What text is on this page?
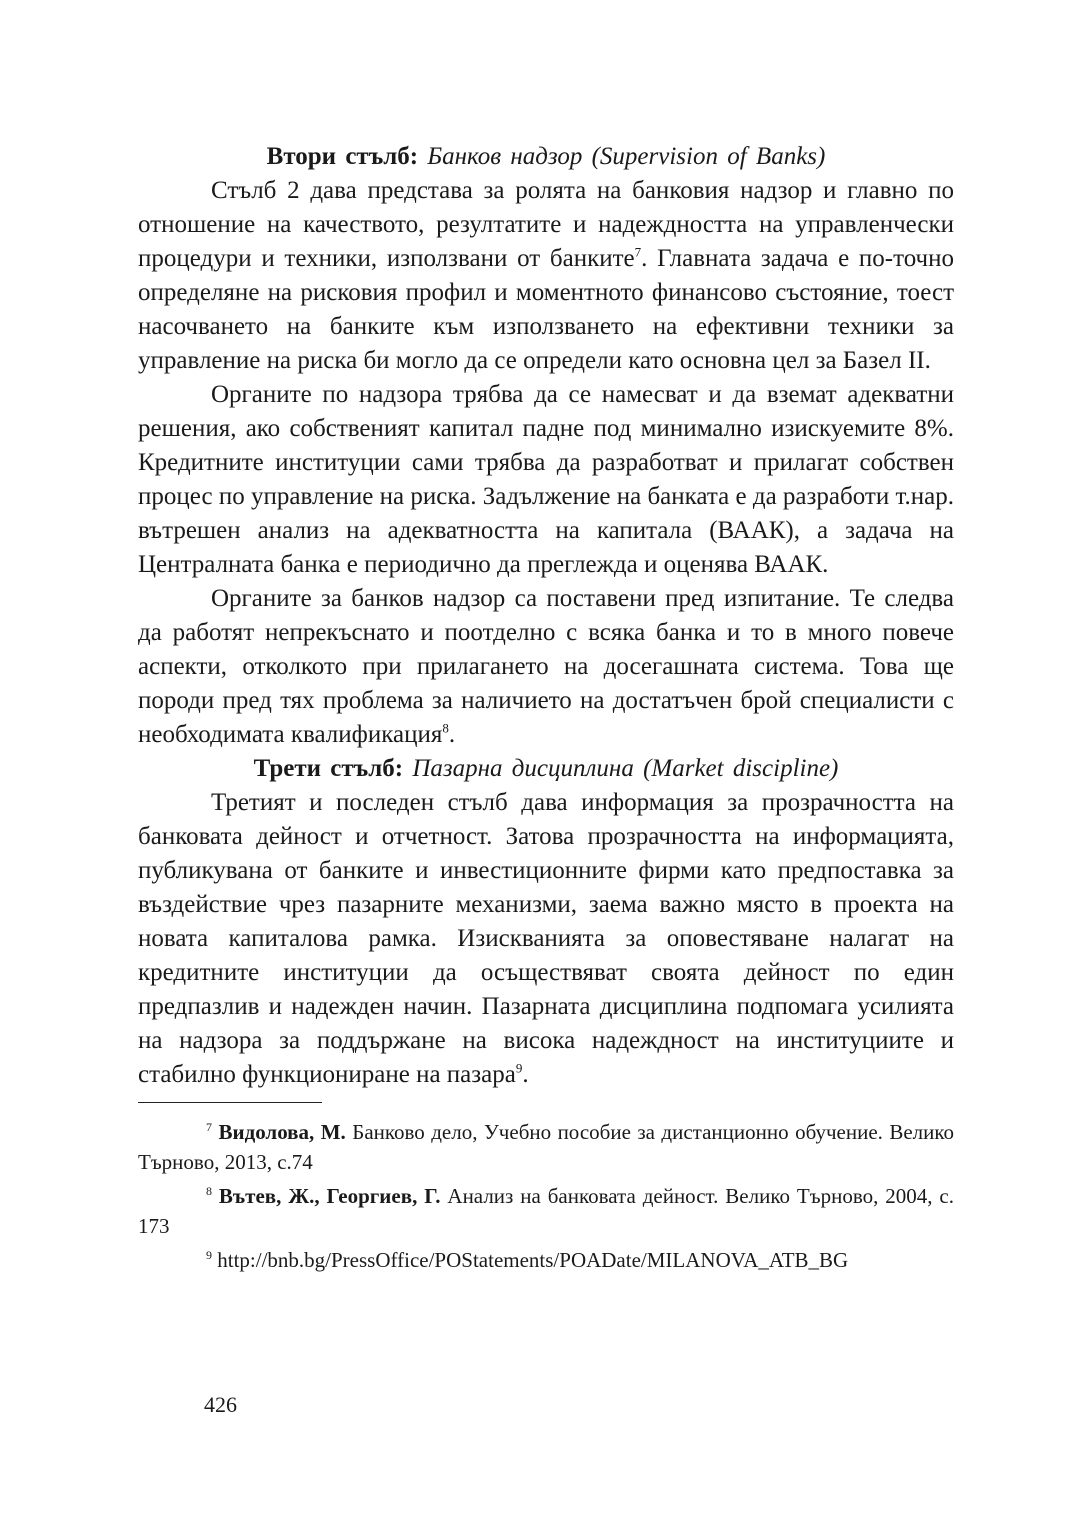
Втори стълб: Банков надзор (Supervision of Banks)

Стълб 2 дава представа за ролята на банковия надзор и главно по отношение на качеството, резултатите и надеждността на управленчески процедури и техники, използвани от банките$^7$. Главната задача е по-точно определяне на рисковия профил и моментното финансово състояние, тоест насочването на банките към използването на ефективни техники за управление на риска би могло да се определи като основна цел за Базел II.

Органите по надзора трябва да се намесват и да вземат адекватни решения, ако собственият капитал падне под минимално изискуемите 8%. Кредитните институции сами трябва да разработват и прилагат собствен процес по управление на риска. Задължение на банката е да разработи т.нар. вътрешен анализ на адекватността на капитала (ВААК), а задача на Централната банка е периодично да преглежда и оценява ВААК.

Органите за банков надзор са поставени пред изпитание. Те следва да работят непрекъснато и поотделно с всяка банка и то в много повече аспекти, отколкото при прилагането на досегашната система. Това ще породи пред тях проблема за наличието на достатъчен брой специалисти с необходимата квалификация$^8$.

Трети стълб: Пазарна дисциплина (Market discipline)

Третият и последен стълб дава информация за прозрачността на банковата дейност и отчетност. Затова прозрачността на информацията, публикувана от банките и инвестиционните фирми като предпоставка за въздействие чрез пазарните механизми, заема важно място в проекта на новата капиталова рамка. Изискванията за оповестяване налагат на кредитните институции да осъществяват своята дейност по един предпазлив и надежден начин. Пазарната дисциплина подпомага усилията на надзора за поддържане на висока надеждност на институциите и стабилно функциониране на пазара$^9$.

$^7$ Видолова, М. Банково дело, Учебно пособие за дистанционно обучение. Велико Търново, 2013, с.74

$^8$ Вътев, Ж., Георгиев, Г. Анализ на банковата дейност. Велико Търново, 2004, с. 173

$^9$ http://bnb.bg/PressOffice/POStatements/POADate/MILANOVA_ATB_BG

426
